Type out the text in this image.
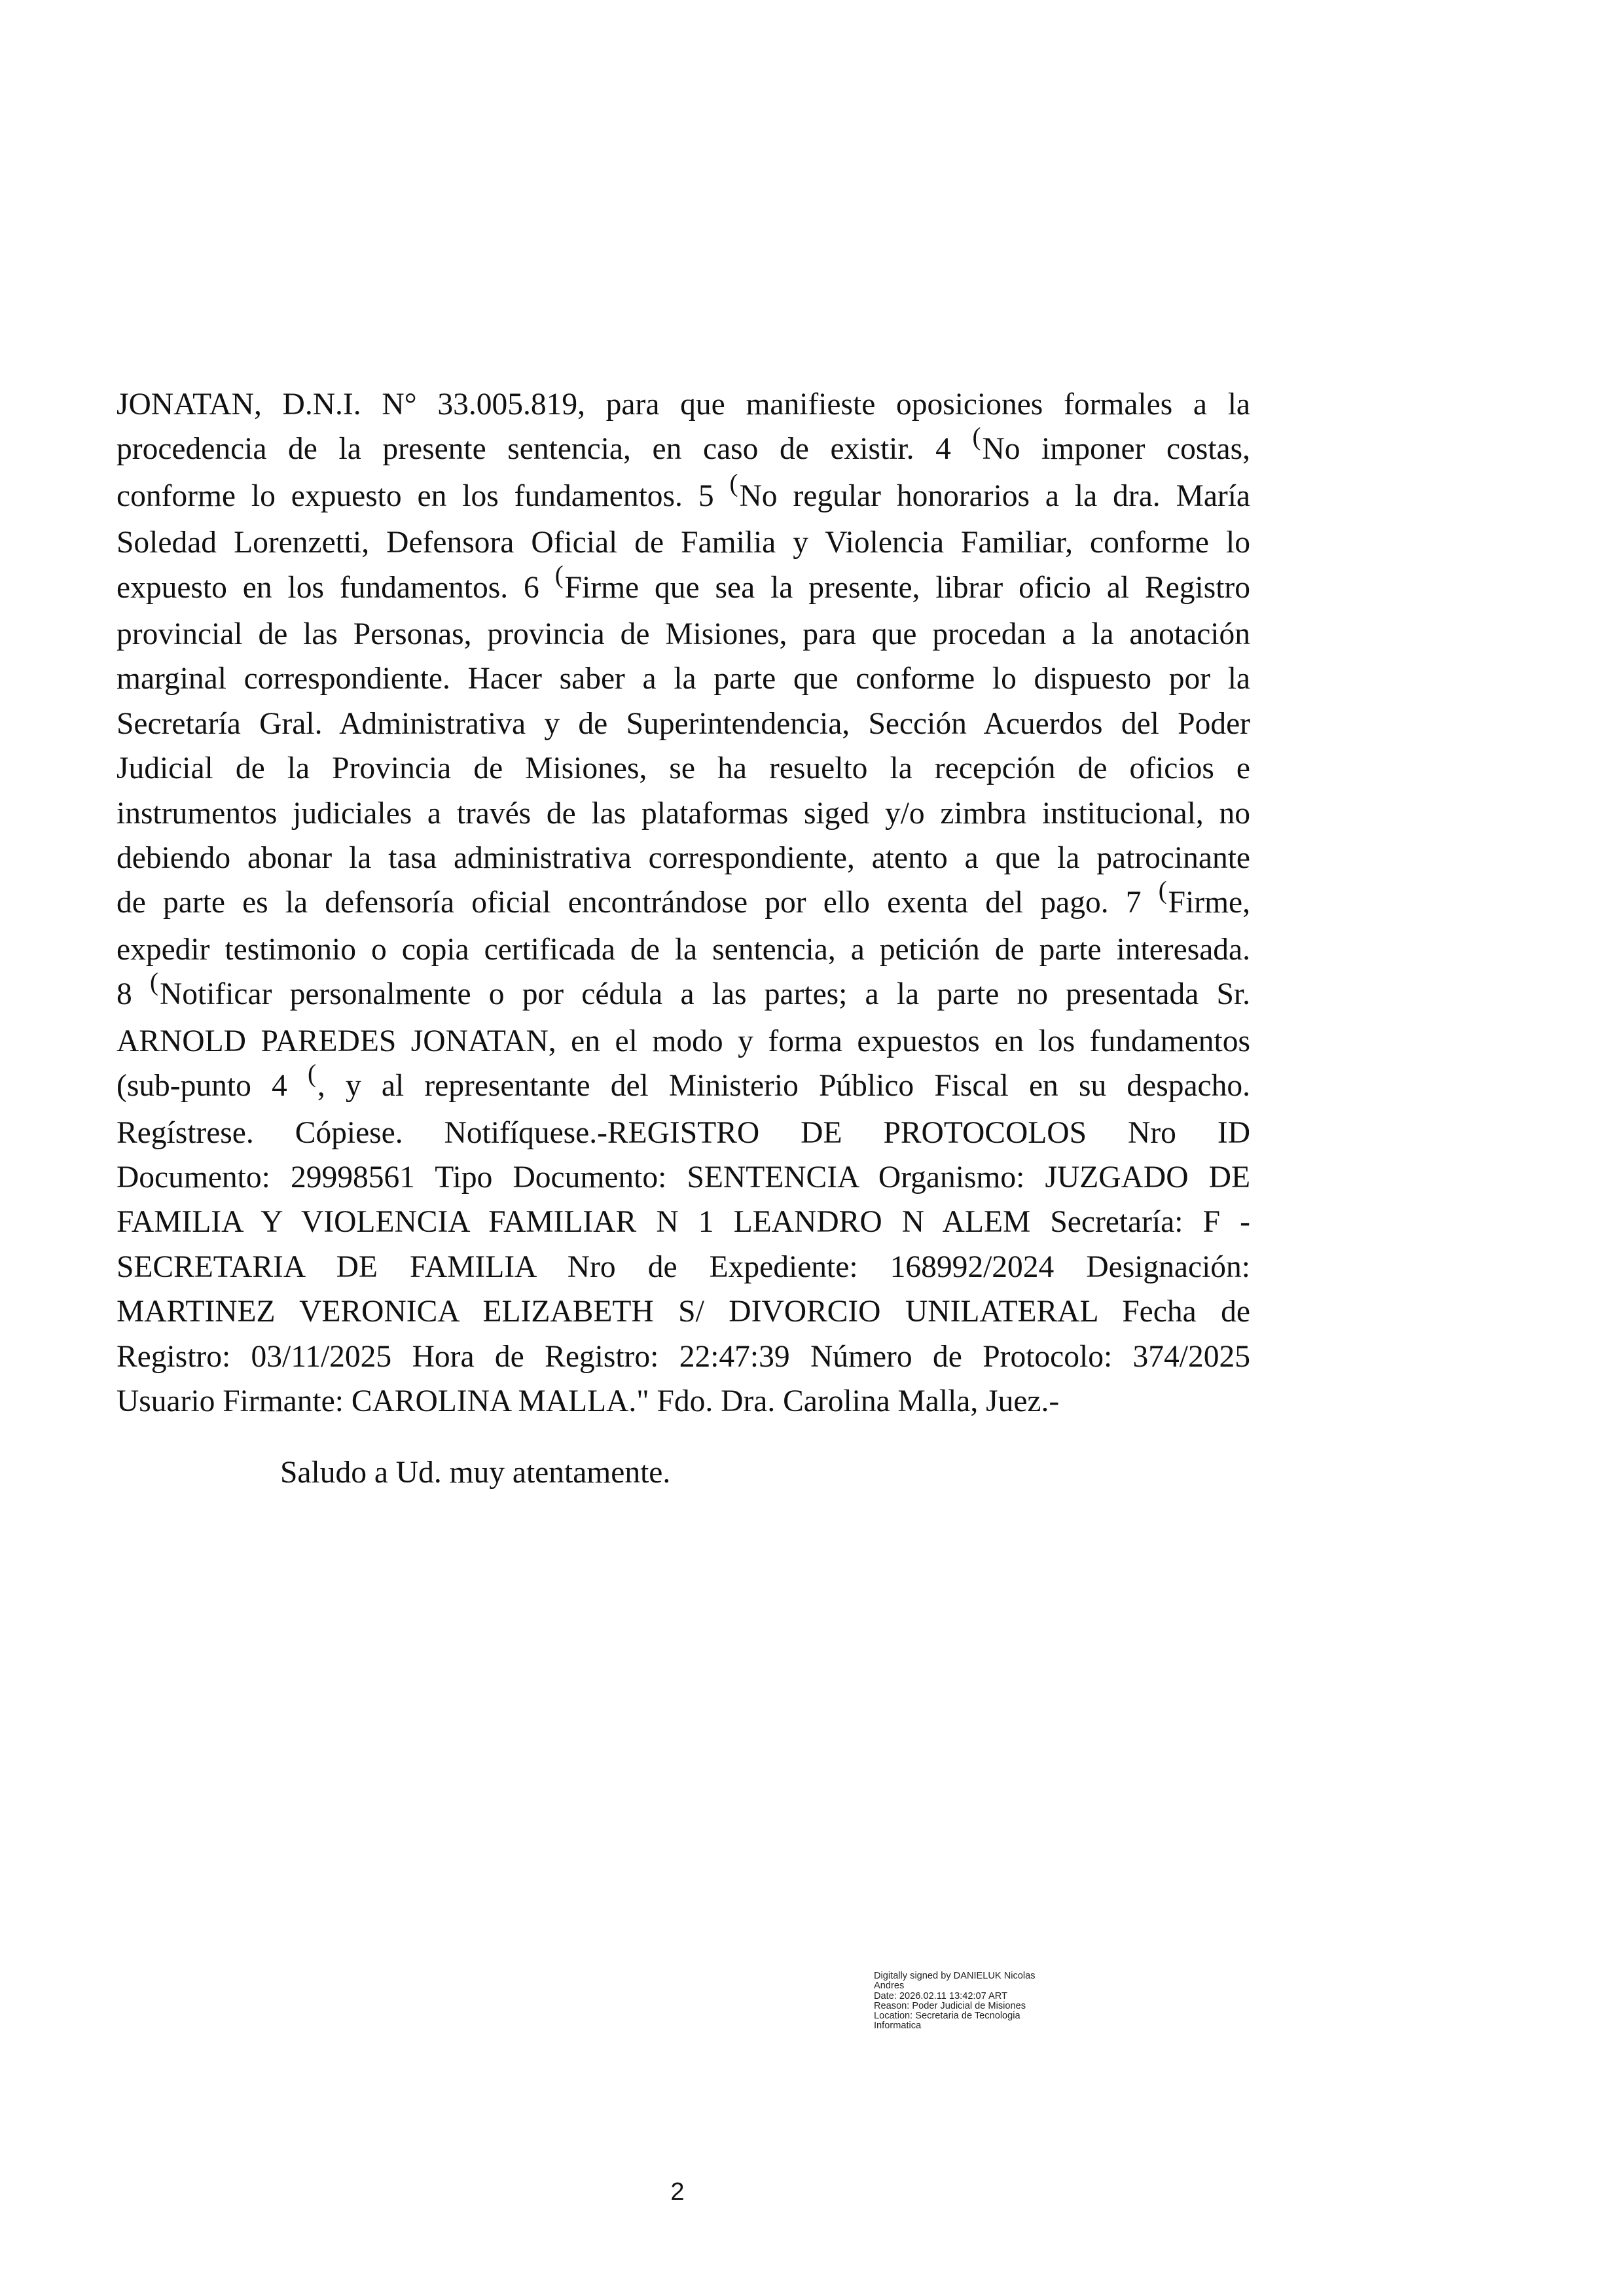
JONATAN, D.N.I. N° 33.005.819, para que manifieste oposiciones formales a la
procedencia de la presente sentencia, en caso de existir. 4 (No imponer costas,
conforme lo expuesto en los fundamentos. 5 (No regular honorarios a la dra. María
Soledad Lorenzetti, Defensora Oficial de Familia y Violencia Familiar, conforme lo
expuesto en los fundamentos. 6 (Firme que sea la presente, librar oficio al Registro
provincial de las Personas, provincia de Misiones, para que procedan a la anotación
marginal correspondiente. Hacer saber a la parte que conforme lo dispuesto por la
Secretaría Gral. Administrativa y de Superintendencia, Sección Acuerdos del Poder
Judicial de la Provincia de Misiones, se ha resuelto la recepción de oficios e
instrumentos judiciales a través de las plataformas siged y/o zimbra institucional, no
debiendo abonar la tasa administrativa correspondiente, atento a que la patrocinante
de parte es la defensoría oficial encontrándose por ello exenta del pago. 7 (Firme,
expedir testimonio o copia certificada de la sentencia, a petición de parte interesada.
8 (Notificar personalmente o por cédula a las partes; a la parte no presentada Sr.
ARNOLD PAREDES JONATAN, en el modo y forma expuestos en los fundamentos
(sub-punto 4 (, y al representante del Ministerio Público Fiscal en su despacho.
Regístrese. Cópiese. Notifíquese.-REGISTRO DE PROTOCOLOS Nro ID
Documento: 29998561 Tipo Documento: SENTENCIA Organismo: JUZGADO DE
FAMILIA Y VIOLENCIA FAMILIAR N 1 LEANDRO N ALEM Secretaría: F -
SECRETARIA DE FAMILIA Nro de Expediente: 168992/2024 Designación:
MARTINEZ VERONICA ELIZABETH S/ DIVORCIO UNILATERAL Fecha de
Registro: 03/11/2025 Hora de Registro: 22:47:39 Número de Protocolo: 374/2025
Usuario Firmante: CAROLINA MALLA." Fdo. Dra. Carolina Malla, Juez.-
Saludo a Ud. muy atentamente.
Digitally signed by DANIELUK Nicolas
Andres
Date: 2026.02.11 13:42:07 ART
Reason: Poder Judicial de Misiones
Location: Secretaria de Tecnologia
Informatica
2
